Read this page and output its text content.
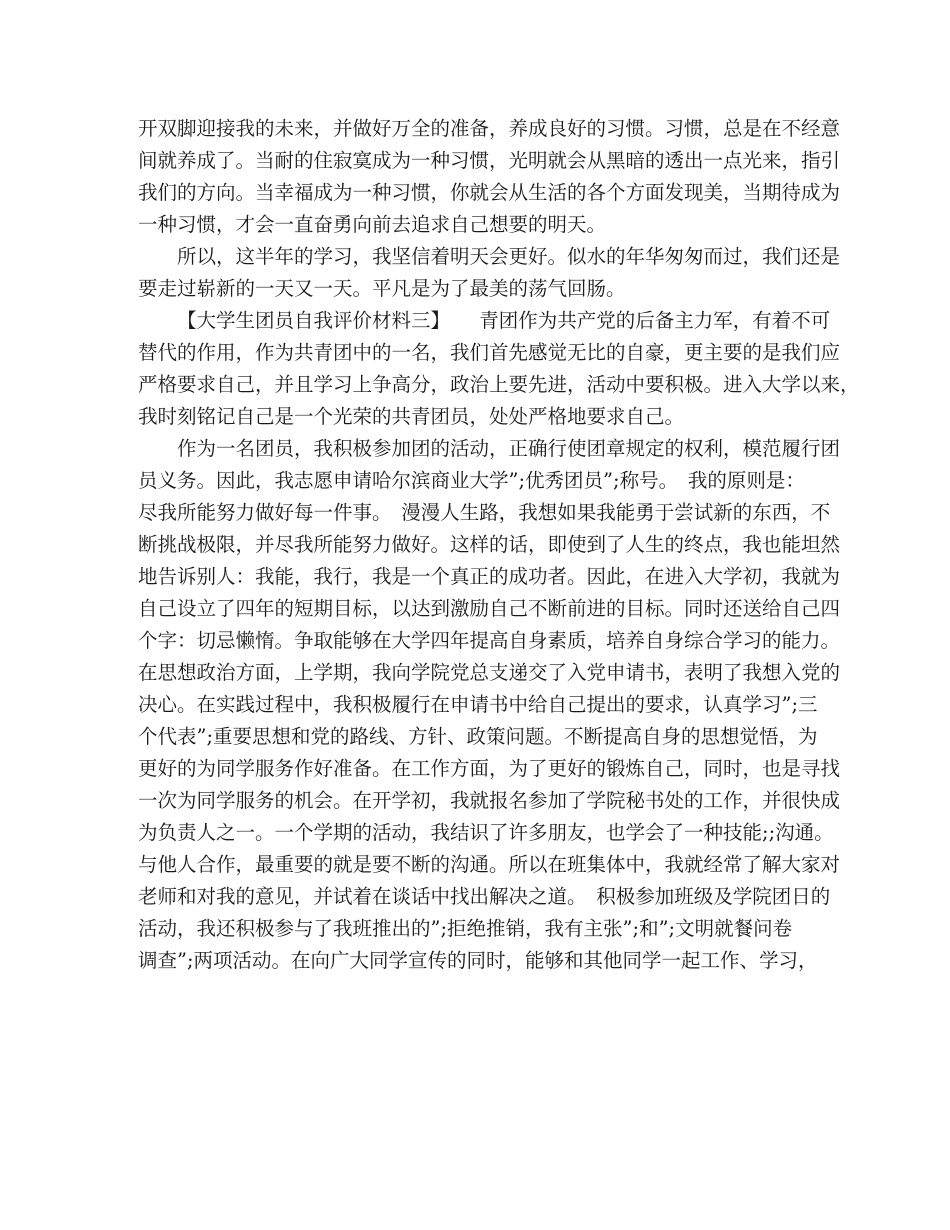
开双脚迎接我的未来，并做好万全的准备，养成良好的习惯。习惯，总是在不经意
间就养成了。当耐的住寂寞成为一种习惯，光明就会从黑暗的透出一点光来，指引
我们的方向。当幸福成为一种习惯，你就会从生活的各个方面发现美，当期待成为
一种习惯，才会一直奋勇向前去追求自己想要的明天。
所以，这半年的学习，我坚信着明天会更好。似水的年华匆匆而过，我们还是
要走过崭新的一天又一天。平凡是为了最美的荡气回肠。
【大学生团员自我评价材料三】　　青团作为共产党的后备主力军，有着不可
替代的作用，作为共青团中的一名，我们首先感觉无比的自豪，更主要的是我们应
严格要求自己，并且学习上争高分，政治上要先进，活动中要积极。进入大学以来，
我时刻铭记自己是一个光荣的共青团员，处处严格地要求自己。
作为一名团员，我积极参加团的活动，正确行使团章规定的权利，模范履行团
员义务。因此，我志愿申请哈尔滨商业大学”;优秀团员”;称号。　我的原则是：
尽我所能努力做好每一件事。　漫漫人生路，我想如果我能勇于尝试新的东西，不
断挑战极限，并尽我所能努力做好。这样的话，即使到了人生的终点，我也能坦然
地告诉别人：我能，我行，我是一个真正的成功者。因此，在进入大学初，我就为
自己设立了四年的短期目标，以达到激励自己不断前进的目标。同时还送给自己四
个字：切忌懒惰。争取能够在大学四年提高自身素质，培养自身综合学习的能力。
在思想政治方面，上学期，我向学院党总支递交了入党申请书，表明了我想入党的
决心。在实践过程中，我积极履行在申请书中给自己提出的要求，认真学习”;三
个代表”;重要思想和党的路线、方针、政策问题。不断提高自身的思想觉悟，为
更好的为同学服务作好准备。在工作方面，为了更好的锻炼自己，同时，也是寻找
一次为同学服务的机会。在开学初，我就报名参加了学院秘书处的工作，并很快成
为负责人之一。一个学期的活动，我结识了许多朋友，也学会了一种技能;;沟通。
与他人合作，最重要的就是要不断的沟通。所以在班集体中，我就经常了解大家对
老师和对我的意见，并试着在谈话中找出解决之道。　积极参加班级及学院团日的
活动，我还积极参与了我班推出的”;拒绝推销，我有主张”;和”;文明就餐问卷
调查”;两项活动。在向广大同学宣传的同时，能够和其他同学一起工作、学习，
